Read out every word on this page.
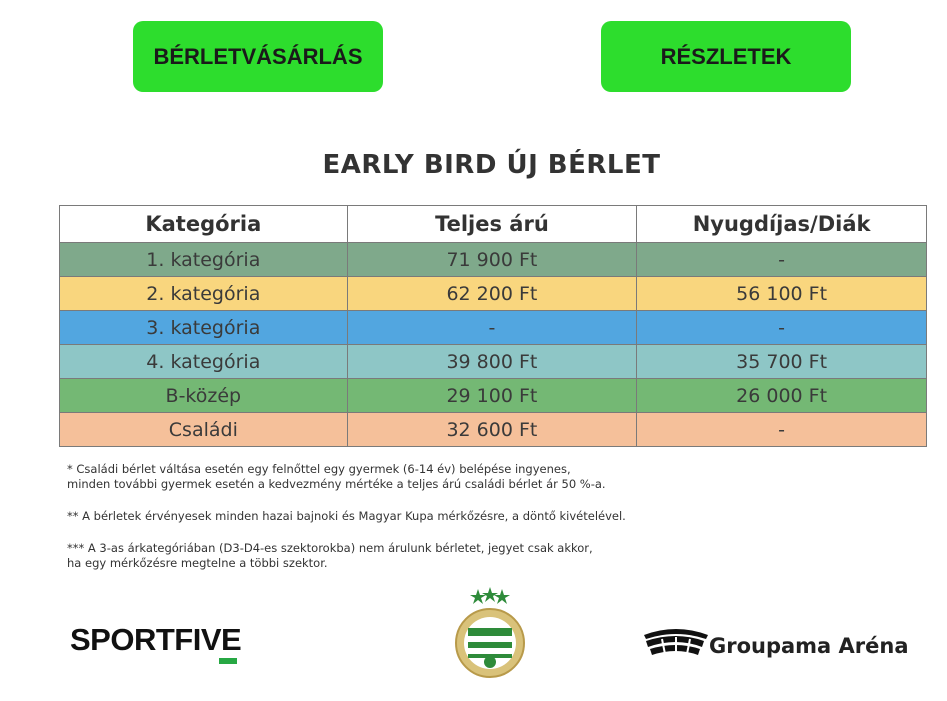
BÉRLETVÁSÁRLÁS	RÉSZLETEK
EARLY BIRD ÚJ BÉRLET
Kategória	Teljes árú	Nyugdíjas/Diák
1. kategória	71 900 Ft	-
2. kategória	62 200 Ft	56 100 Ft
3. kategória	-	-
4. kategória	39 800 Ft	35 700 Ft
B-közép	29 100 Ft	26 000 Ft
Családi	32 600 Ft	-

* Családi bérlet váltása esetén egy felnőttel egy gyermek (6-14 év) belépése ingyenes,
minden további gyermek esetén a kedvezmény mértéke a teljes árú családi bérlet ár 50 %-a.

** A bérletek érvényesek minden hazai bajnoki és Magyar Kupa mérkőzésre, a döntő kivételével.

*** A 3-as árkategóriában (D3-D4-es szektorokba) nem árulunk bérletet, jegyet csak akkor,
ha egy mérkőzésre megtelne a többi szektor.

SPORTFIVE	Groupama Aréna
